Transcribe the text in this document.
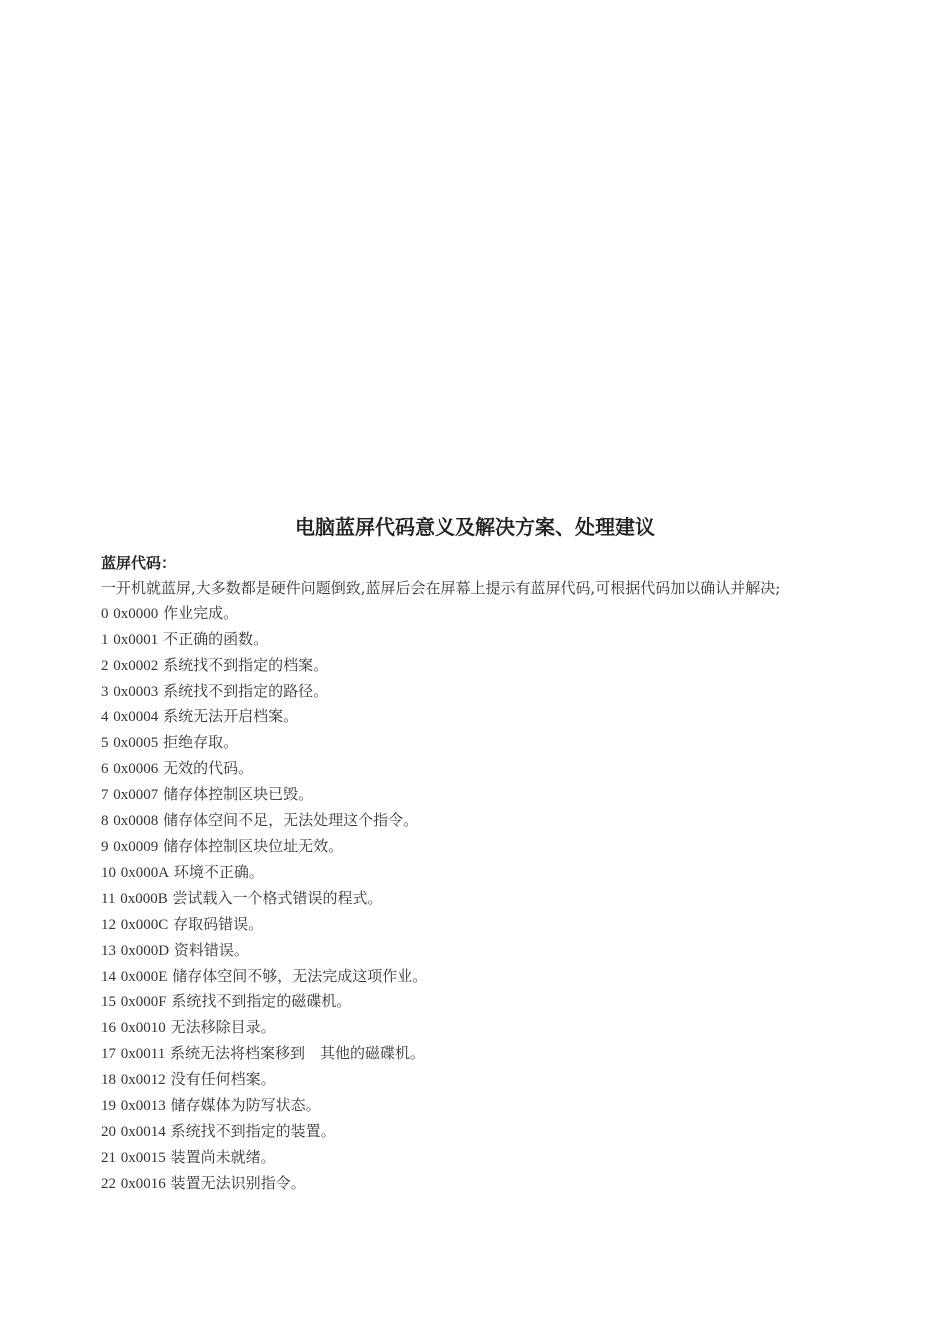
电脑蓝屏代码意义及解决方案、处理建议
蓝屏代码：
一开机就蓝屏,大多数都是硬件问题倒致,蓝屏后会在屏幕上提示有蓝屏代码,可根据代码加以确认并解决;
0 0x0000 作业完成。
1 0x0001 不正确的函数。
2 0x0002 系统找不到指定的档案。
3 0x0003 系统找不到指定的路径。
4 0x0004 系统无法开启档案。
5 0x0005 拒绝存取。
6 0x0006 无效的代码。
7 0x0007 储存体控制区块已毁。
8 0x0008 储存体空间不足，无法处理这个指令。
9 0x0009 储存体控制区块位址无效。
10 0x000A 环境不正确。
11 0x000B 尝试载入一个格式错误的程式。
12 0x000C 存取码错误。
13 0x000D 资料错误。
14 0x000E 储存体空间不够，无法完成这项作业。
15 0x000F 系统找不到指定的磁碟机。
16 0x0010 无法移除目录。
17 0x0011 系统无法将档案移到　其他的磁碟机。
18 0x0012 没有任何档案。
19 0x0013 储存媒体为防写状态。
20 0x0014 系统找不到指定的装置。
21 0x0015 装置尚未就绪。
22 0x0016 装置无法识别指令。
